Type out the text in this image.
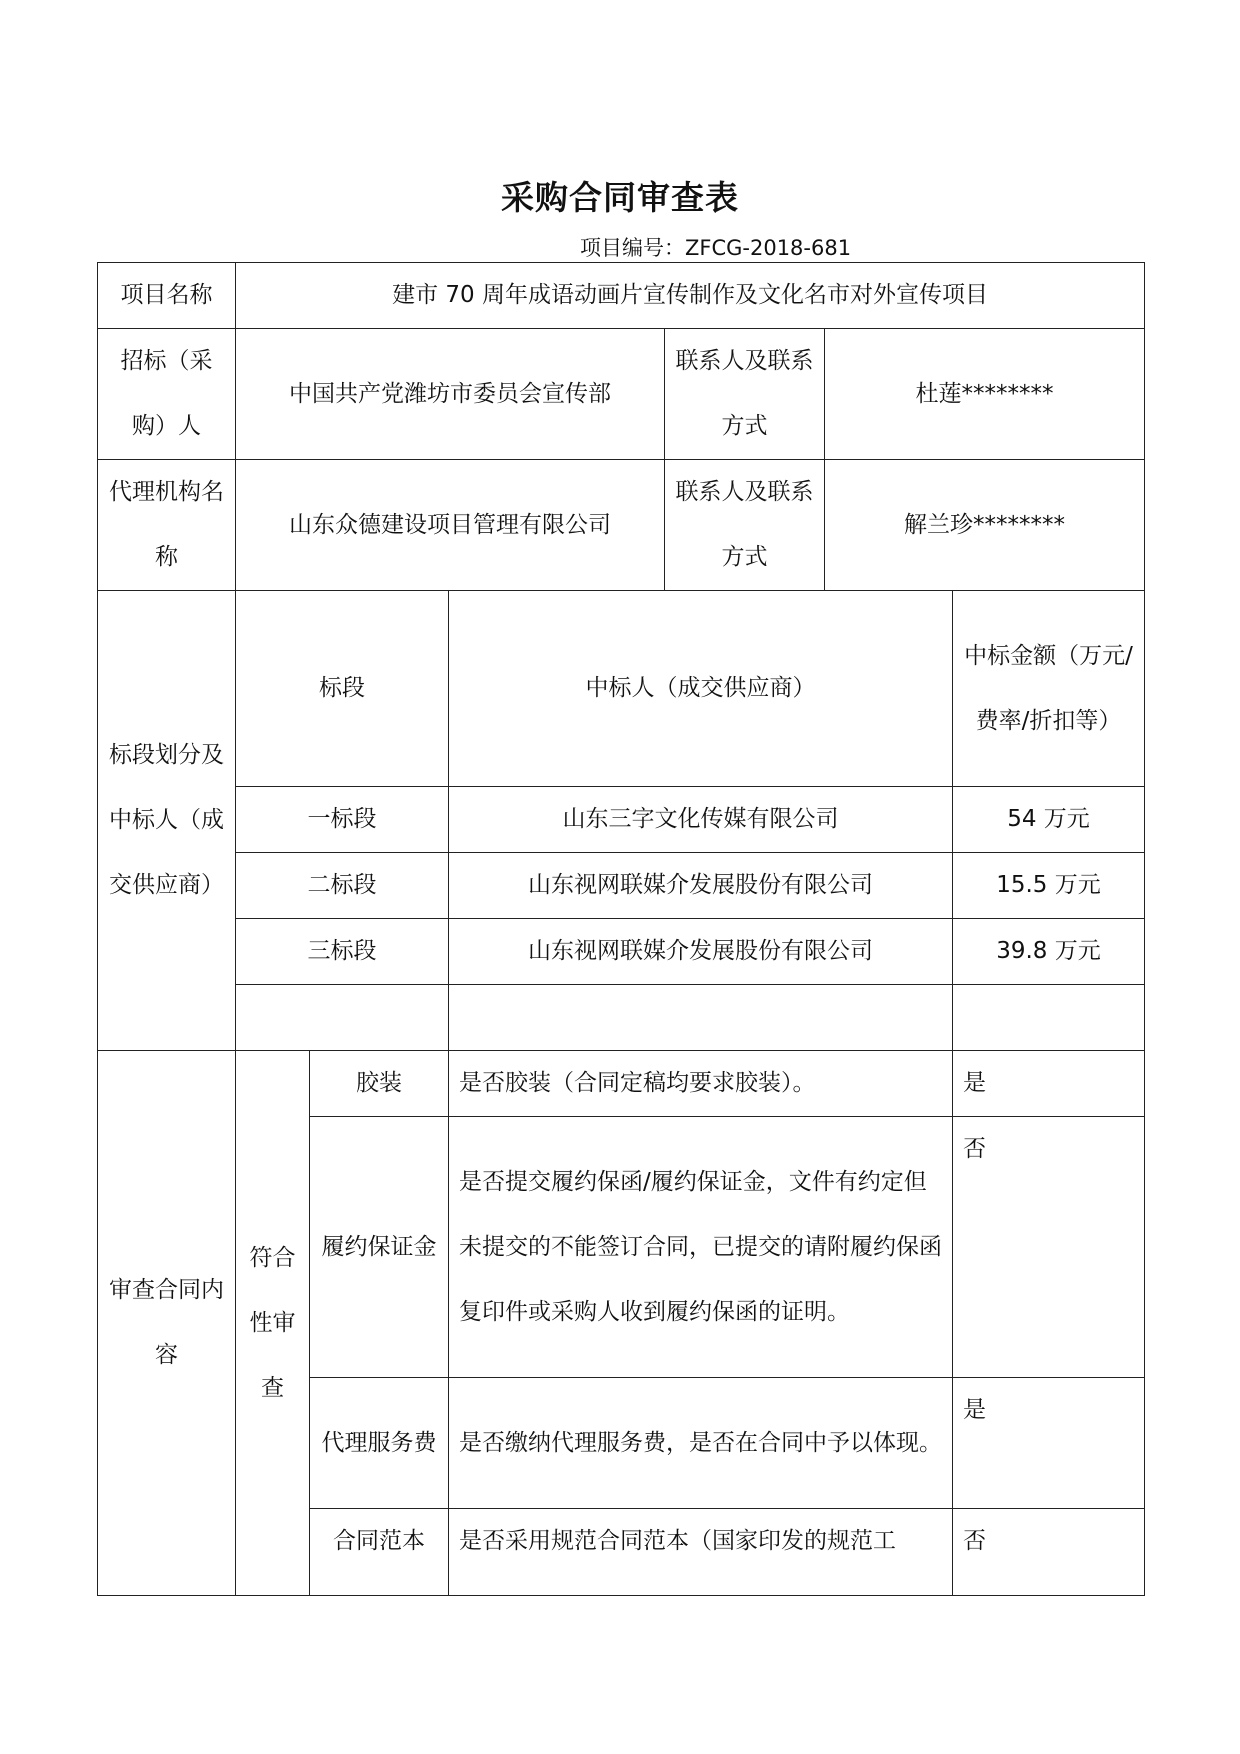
采购合同审查表
项目编号：ZFCG-2018-681
项目名称	建市 70 周年成语动画片宣传制作及文化名市对外宣传项目					
招标（采购）人	中国共产党潍坊市委员会宣传部			联系人及联系方式	杜莲********	
代理机构名称	山东众德建设项目管理有限公司			联系人及联系方式	解兰珍********	
标段划分及中标人（成交供应商）	标段		中标人（成交供应商）			中标金额（万元/费率/折扣等）
	一标段		山东三字文化传媒有限公司			54 万元
	二标段		山东视网联媒介发展股份有限公司			15.5 万元
	三标段		山东视网联媒介发展股份有限公司			39.8 万元

审查合同内容	符合性审查	胶装	是否胶装（合同定稿均要求胶装）。			是
		履约保证金	是否提交履约保函/履约保证金，文件有约定但未提交的不能签订合同，已提交的请附履约保函复印件或采购人收到履约保函的证明。			否
		代理服务费	是否缴纳代理服务费，是否在合同中予以体现。			是
		合同范本	是否采用规范合同范本（国家印发的规范工			否
